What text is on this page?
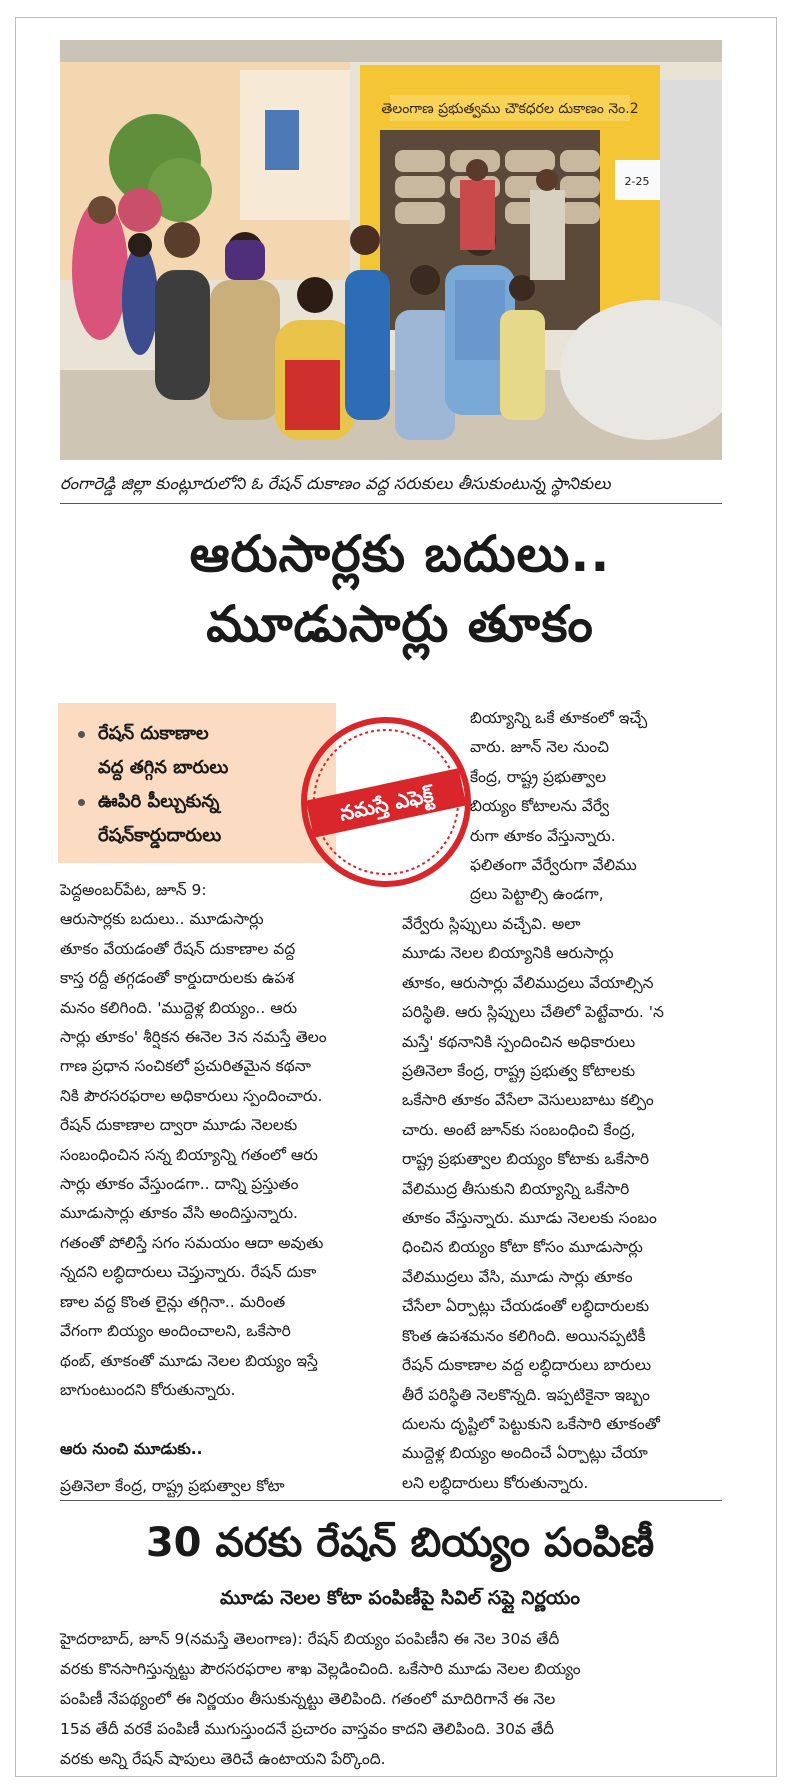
తెలంగాణ ప్రభుత్వము చౌకధరల దుకాణం నెం.2
2-25
రంగారెడ్డి జిల్లా కుంట్లూరులోని ఓ రేషన్ దుకాణం వద్ద సరుకులు తీసుకుంటున్న స్థానికులు
ఆరుసార్లకు బదులు..
మూడుసార్లు తూకం
రేషన్ దుకాణాల
వద్ద తగ్గిన బారులు
ఊపిరి పీల్చుకున్న
రేషన్‌కార్డుదారులు
నమస్తే ఎఫెక్ట్
పెద్దఅంబర్‌పేట, జూన్ 9:
ఆరుసార్లకు బదులు.. మూడుసార్లు
తూకం వేయడంతో రేషన్ దుకాణాల వద్ద
కాస్త రద్దీ తగ్గడంతో కార్డుదారులకు ఉపశ
మనం కలిగింది. 'ముద్దెళ్ల బియ్యం.. ఆరు
సార్లు తూకం' శీర్షికన ఈనెల 3న నమస్తే తెలం
గాణ ప్రధాన సంచికలో ప్రచురితమైన కథనా
నికి పౌరసరఫరాల అధికారులు స్పందించారు.
రేషన్ దుకాణాల ద్వారా మూడు నెలలకు
సంబంధించిన సన్న బియ్యాన్ని గతంలో ఆరు
సార్లు తూకం వేస్తుండగా.. దాన్ని ప్రస్తుతం
మూడుసార్లు తూకం వేసి అందిస్తున్నారు.
గతంతో పోలిస్తే సగం సమయం ఆదా అవుతు
న్నదని లబ్ధిదారులు చెప్తున్నారు. రేషన్ దుకా
ణాల వద్ద కొంత లైన్లు తగ్గినా.. మరింత
వేగంగా బియ్యం అందించాలని, ఒకేసారి
థంబ్, తూకంతో మూడు నెలల బియ్యం ఇస్తే
బాగుంటుందని కోరుతున్నారు.

ఆరు నుంచి మూడుకు..
ప్రతినెలా కేంద్ర, రాష్ట్ర ప్రభుత్వాల కోటా
బియ్యాన్ని ఒకే తూకంలో ఇచ్చే
వారు. జూన్ నెల నుంచి
కేంద్ర, రాష్ట్ర ప్రభుత్వాల
బియ్యం కోటాలను వేర్వే
రుగా తూకం వేస్తున్నారు.
ఫలితంగా వేర్వేరుగా వేలిము
ద్రలు పెట్టాల్సి ఉండగా,
వేర్వేరు స్లిప్పులు వచ్చేవి. అలా
మూడు నెలల బియ్యానికి ఆరుసార్లు
తూకం, ఆరుసార్లు వేలిముద్రలు వేయాల్సిన
పరిస్థితి. ఆరు స్లిప్పులు చేతిలో పెట్టేవారు. 'న
మస్తే' కథనానికి స్పందించిన అధికారులు
ప్రతినెలా కేంద్ర, రాష్ట్ర ప్రభుత్వ కోటాలకు
ఒకేసారి తూకం వేసేలా వెసులుబాటు కల్పిం
చారు. అంటే జూన్‌కు సంబంధించి కేంద్ర,
రాష్ట్ర ప్రభుత్వాల బియ్యం కోటాకు ఒకేసారి
వేలిముద్ర తీసుకుని బియ్యాన్ని ఒకేసారి
తూకం వేస్తున్నారు. మూడు నెలలకు సంబం
ధించిన బియ్యం కోటా కోసం మూడుసార్లు
వేలిముద్రలు వేసి, మూడు సార్లు తూకం
చేసేలా ఏర్పాట్లు చేయడంతో లబ్ధిదారులకు
కొంత ఉపశమనం కలిగింది. అయినప్పటికీ
రేషన్ దుకాణాల వద్ద లబ్ధిదారులు బారులు
తీరే పరిస్థితి నెలకొన్నది. ఇప్పటికైనా ఇబ్బం
దులను దృష్టిలో పెట్టుకుని ఒకేసారి తూకంతో
ముద్దెళ్ల బియ్యం అందించే ఏర్పాట్లు చేయా
లని లబ్ధిదారులు కోరుతున్నారు.
30 వరకు రేషన్ బియ్యం పంపిణీ
మూడు నెలల కోటా పంపిణీపై సివిల్ సప్లై నిర్ణయం
హైదరాబాద్, జూన్ 9(నమస్తే తెలంగాణ): రేషన్ బియ్యం పంపిణీని ఈ నెల 30వ తేదీ
వరకు కొనసాగిస్తున్నట్టు పౌరసరఫరాల శాఖ వెల్లడించింది. ఒకేసారి మూడు నెలల బియ్యం
పంపిణీ నేపథ్యంలో ఈ నిర్ణయం తీసుకున్నట్టు తెలిపింది. గతంలో మాదిరిగానే ఈ నెల
15వ తేదీ వరకే పంపిణీ ముగుస్తుందనే ప్రచారం వాస్తవం కాదని తెలిపింది. 30వ తేదీ
వరకు అన్ని రేషన్ షాపులు తెరిచే ఉంటాయని పేర్కొంది.
